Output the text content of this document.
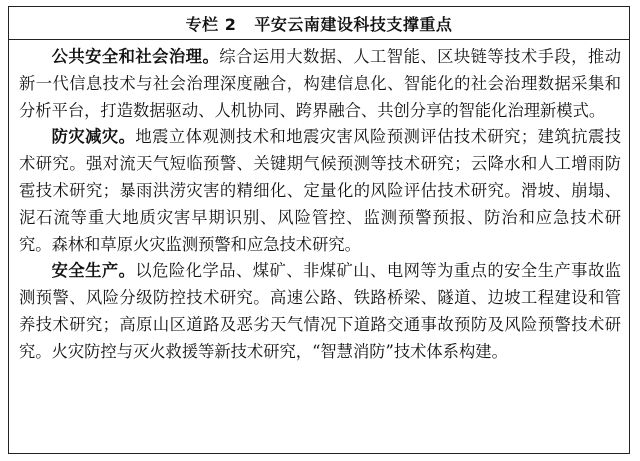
专栏 2 平安云南建设科技支撑重点

公共安全和社会治理。综合运用大数据、人工智能、区块链等技术手段，推动新一代信息技术与社会治理深度融合，构建信息化、智能化的社会治理数据采集和分析平台，打造数据驱动、人机协同、跨界融合、共创分享的智能化治理新模式。

防灾减灾。地震立体观测技术和地震灾害风险预测评估技术研究；建筑抗震技术研究。强对流天气短临预警、关键期气候预测等技术研究；云降水和人工增雨防雹技术研究；暴雨洪涝灾害的精细化、定量化的风险评估技术研究。滑坡、崩塌、泥石流等重大地质灾害早期识别、风险管控、监测预警预报、防治和应急技术研究。森林和草原火灾监测预警和应急技术研究。

安全生产。以危险化学品、煤矿、非煤矿山、电网等为重点的安全生产事故监测预警、风险分级防控技术研究。高速公路、铁路桥梁、隧道、边坡工程建设和管养技术研究；高原山区道路及恶劣天气情况下道路交通事故预防及风险预警技术研究。火灾防控与灭火救援等新技术研究，“智慧消防”技术体系构建。
